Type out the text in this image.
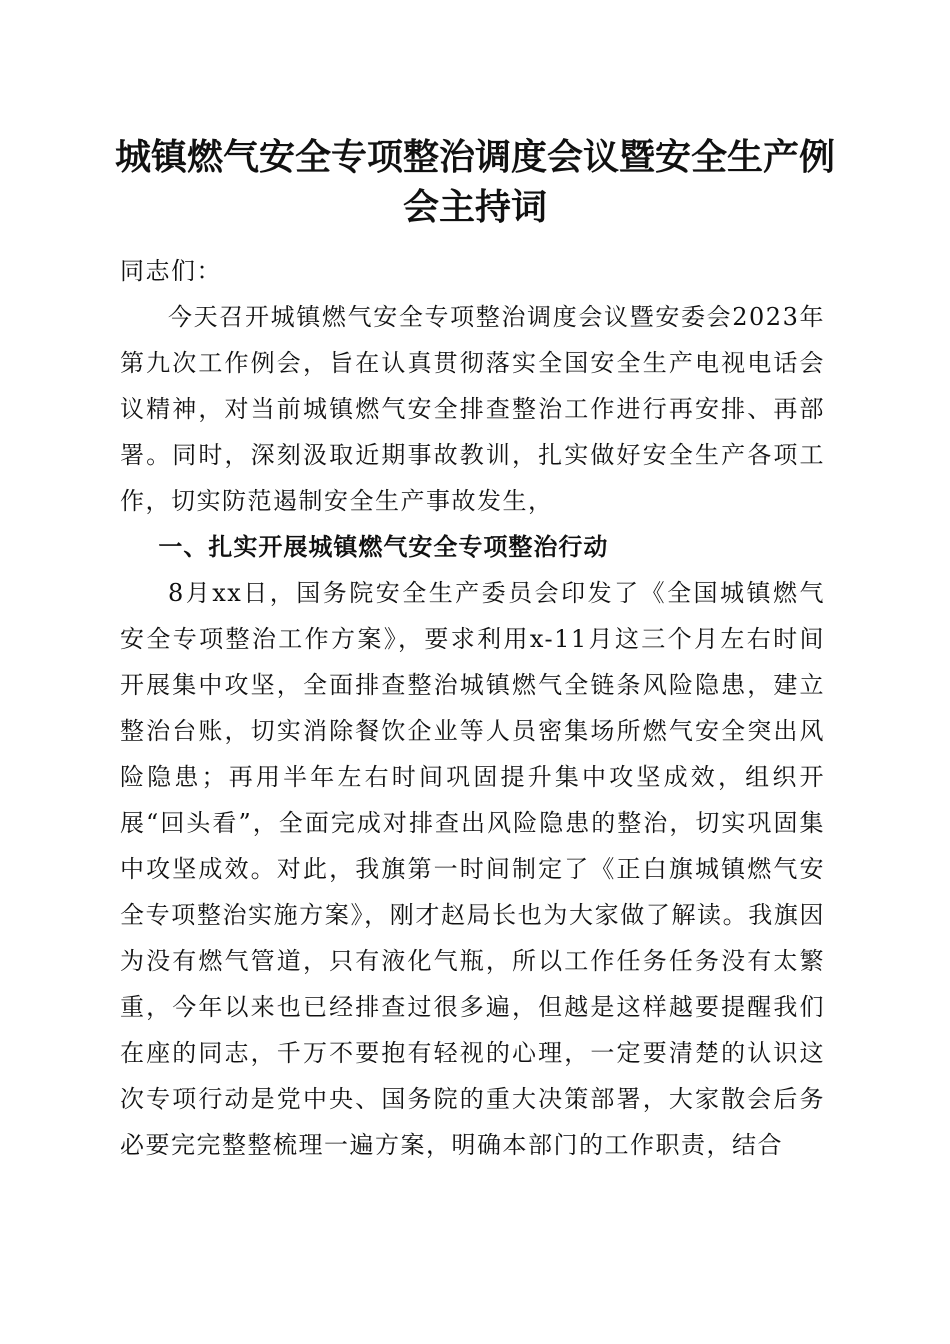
城镇燃气安全专项整治调度会议暨安全生产例
会主持词

同志们：

今天召开城镇燃气安全专项整治调度会议暨安委会2023年第九次工作例会，旨在认真贯彻落实全国安全生产电视电话会议精神，对当前城镇燃气安全排查整治工作进行再安排、再部署。同时，深刻汲取近期事故教训，扎实做好安全生产各项工作，切实防范遏制安全生产事故发生，

一、扎实开展城镇燃气安全专项整治行动

8月xx日，国务院安全生产委员会印发了《全国城镇燃气安全专项整治工作方案》，要求利用x-11月这三个月左右时间开展集中攻坚，全面排查整治城镇燃气全链条风险隐患，建立整治台账，切实消除餐饮企业等人员密集场所燃气安全突出风险隐患；再用半年左右时间巩固提升集中攻坚成效，组织开展“回头看”，全面完成对排查出风险隐患的整治，切实巩固集中攻坚成效。对此，我旗第一时间制定了《正白旗城镇燃气安全专项整治实施方案》，刚才赵局长也为大家做了解读。我旗因为没有燃气管道，只有液化气瓶，所以工作任务任务没有太繁重，今年以来也已经排查过很多遍，但越是这样越要提醒我们在座的同志，千万不要抱有轻视的心理，一定要清楚的认识这次专项行动是党中央、国务院的重大决策部署，大家散会后务必要完完整整梳理一遍方案，明确本部门的工作职责，结合
